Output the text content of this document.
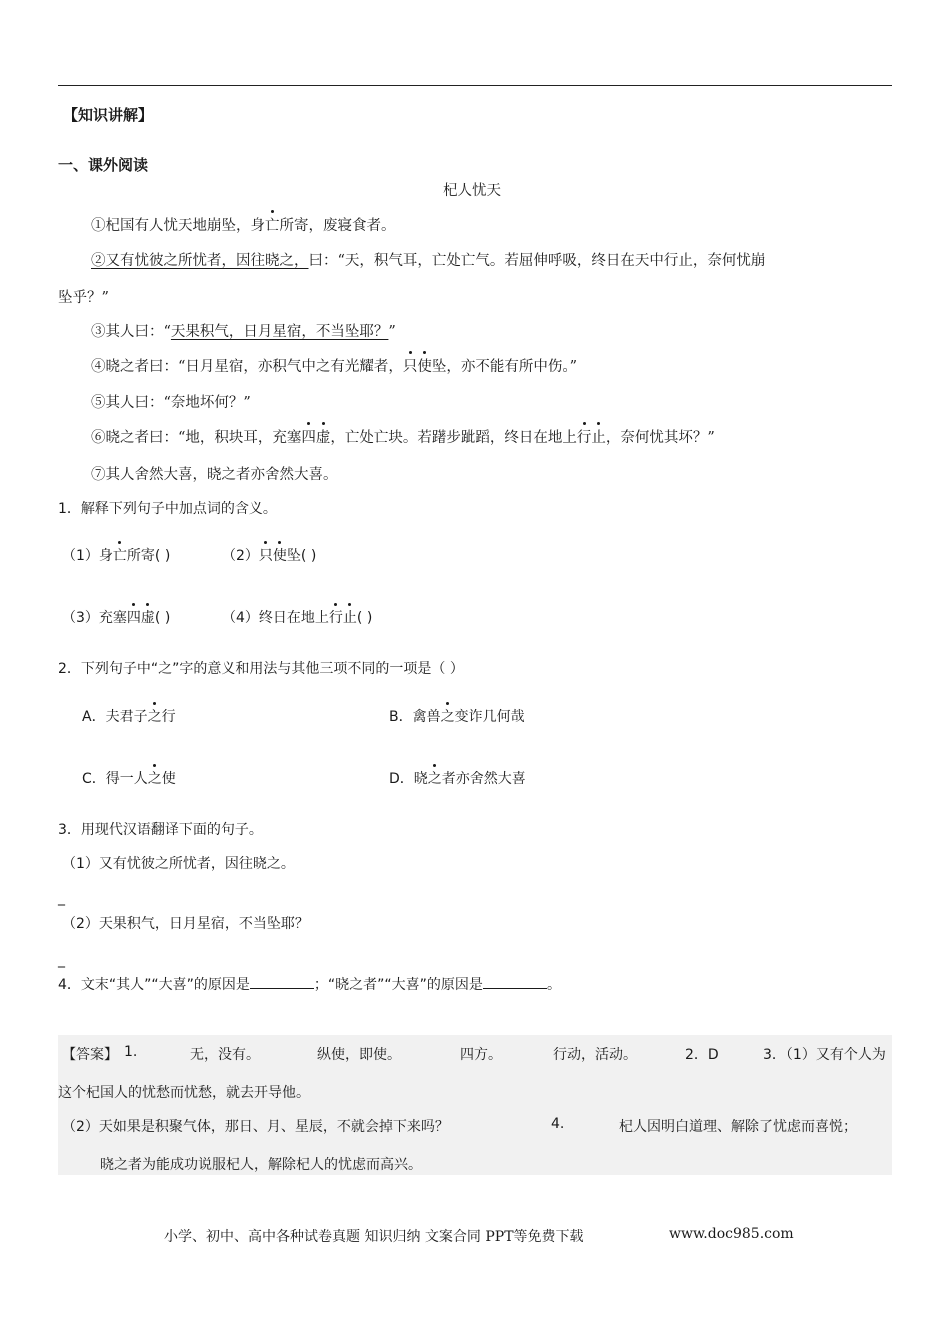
【知识讲解】
一、课外阅读
杞人忧天
①杞国有人忧天地崩坠，身亡所寄，废寝食者。
②又有忧彼之所忧者，因往晓之，曰：“天，积气耳，亡处亡气。若屈伸呼吸，终日在天中行止，奈何忧崩
坠乎？”
③其人曰：“天果积气，日月星宿，不当坠耶？”
④晓之者曰：“日月星宿，亦积气中之有光耀者，只使坠，亦不能有所中伤。”
⑤其人曰：“奈地坏何？”
⑥晓之者曰：“地，积块耳，充塞四虚，亡处亡块。若躇步跐蹈，终日在地上行止，奈何忧其坏？”
⑦其人舍然大喜，晓之者亦舍然大喜。
1．解释下列句子中加点词的含义。
（1）身亡所寄( )	（2）只使坠( )
（3）充塞四虚( )	（4）终日在地上行止( )
2．下列句子中“之”字的意义和用法与其他三项不同的一项是（ ）
A．夫君子之行	B．禽兽之变诈几何哉
C．得一人之使	D．晓之者亦舍然大喜
3．用现代汉语翻译下面的句子。
（1）又有忧彼之所忧者，因往晓之。
_
（2）天果积气，日月星宿，不当坠耶？
_
4．文末“其人”“大喜”的原因是	；“晓之者”“大喜”的原因是	。
【答案】 1.	无，没有。	纵使，即使。	四方。	行动，活动。	2．D	3．（1）又有个人为
这个杞国人的忧愁而忧愁，就去开导他。
（2）天如果是积聚气体，那日、月、星辰，不就会掉下来吗？	4.	杞人因明白道理、解除了忧虑而喜悦；
晓之者为能成功说服杞人，解除杞人的忧虑而高兴。
小学、初中、高中各种试卷真题 知识归纳 文案合同 PPT等免费下载	www.doc985.com
